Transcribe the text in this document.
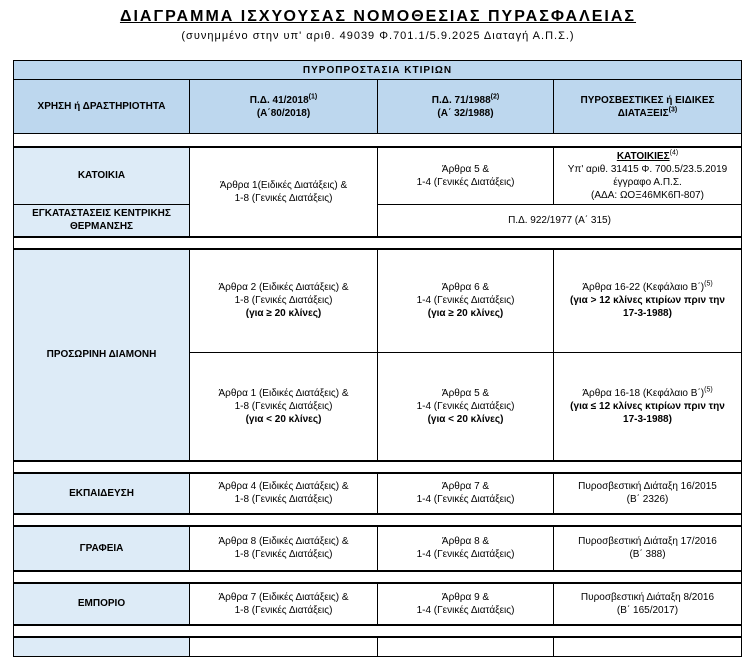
ΔΙΑΓΡΑΜΜΑ ΙΣΧΥΟΥΣΑΣ ΝΟΜΟΘΕΣΙΑΣ ΠΥΡΑΣΦΑΛΕΙΑΣ
(συνημμένο στην υπ' αριθ. 49039 Φ.701.1/5.9.2025 Διαταγή Α.Π.Σ.)
ΠΥΡΟΠΡΟΣΤΑΣΙΑ ΚΤΙΡΙΩΝ			
ΧΡΗΣΗ ή ΔΡΑΣΤΗΡΙΟΤΗΤΑ	Π.Δ. 41/2018$^{(1)}$
(Α΄80/2018)	Π.Δ. 71/1988$^{(2)}$
(Α΄ 32/1988)	ΠΥΡΟΣΒΕΣΤΙΚΕΣ ή ΕΙΔΙΚΕΣ
ΔΙΑΤΑΞΕΙΣ$^{(3)}$

ΚΑΤΟΙΚΙΑ	Άρθρα 1(Ειδικές Διατάξεις) &
1-8 (Γενικές Διατάξεις)	Άρθρα 5 &
1-4 (Γενικές Διατάξεις)	ΚΑΤΟΙΚΙΕΣ$^{(4)}$
Υπ' αριθ. 31415 Φ. 700.5/23.5.2019
έγγραφο Α.Π.Σ.
(ΑΔΑ: ΩΟΞ46ΜΚ6Π-807)

ΕΓΚΑΤΑΣΤΑΣΕΙΣ ΚΕΝΤΡΙΚΗΣ
ΘΕΡΜΑΝΣΗΣ		Π.Δ. 922/1977 (Α΄ 315)	

ΠΡΟΣΩΡΙΝΗ ΔΙΑΜΟΝΗ	Άρθρα 2 (Ειδικές Διατάξεις) &
1-8 (Γενικές Διατάξεις)
(για ≥ 20 κλίνες)	Άρθρα 6 &
1-4 (Γενικές Διατάξεις)
(για ≥ 20 κλίνες)	Άρθρα 16-22 (Κεφάλαιο Β΄)$^{(5)}$
(για > 12 κλίνες κτιρίων πριν την
17-3-1988)

	Άρθρα 1 (Ειδικές Διατάξεις) &
1-8 (Γενικές Διατάξεις)
(για < 20 κλίνες)	Άρθρα 5 &
1-4 (Γενικές Διατάξεις)
(για < 20 κλίνες)	Άρθρα 16-18 (Κεφάλαιο Β΄)$^{(5)}$
(για ≤ 12 κλίνες κτιρίων πριν την
17-3-1988)

ΕΚΠΑΙΔΕΥΣΗ	Άρθρα 4 (Ειδικές Διατάξεις) &
1-8 (Γενικές Διατάξεις)	Άρθρα 7 &
1-4 (Γενικές Διατάξεις)	Πυροσβεστική Διάταξη 16/2015
(Β΄ 2326)

ΓΡΑΦΕΙΑ	Άρθρα 8 (Ειδικές Διατάξεις) &
1-8 (Γενικές Διατάξεις)	Άρθρα 8 &
1-4 (Γενικές Διατάξεις)	Πυροσβεστική Διάταξη 17/2016
(Β΄ 388)

ΕΜΠΟΡΙΟ	Άρθρα 7 (Ειδικές Διατάξεις) &
1-8 (Γενικές Διατάξεις)	Άρθρα 9 &
1-4 (Γενικές Διατάξεις)	Πυροσβεστική Διάταξη 8/2016
(Β΄ 165/2017)
